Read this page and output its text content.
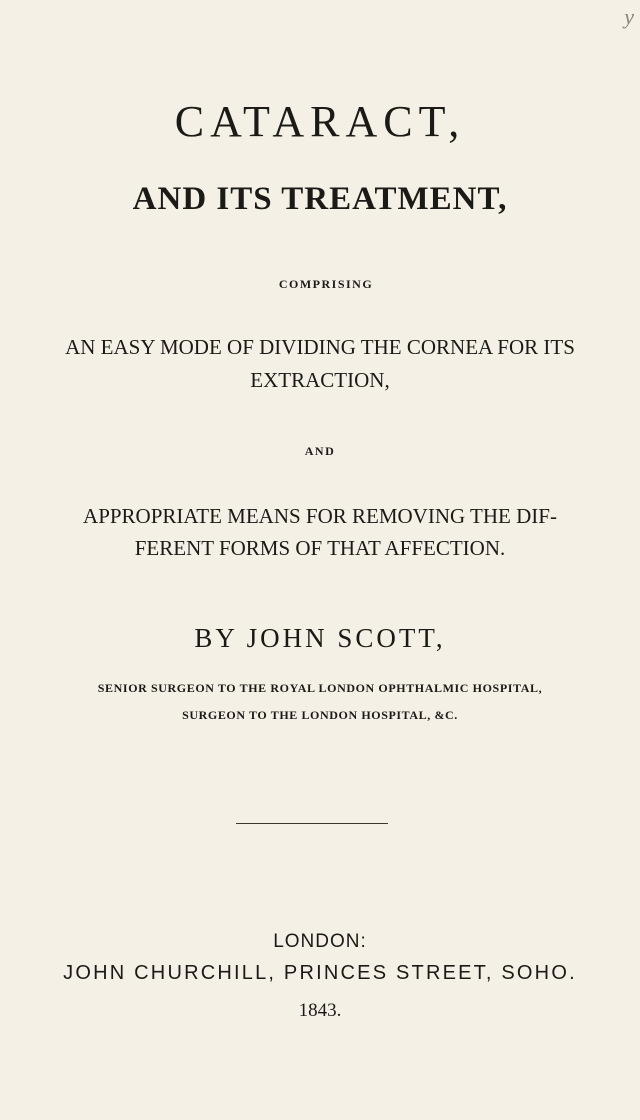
y
CATARACT,
AND ITS TREATMENT,
COMPRISING
AN EASY MODE OF DIVIDING THE CORNEA FOR ITS
EXTRACTION,
AND
APPROPRIATE MEANS FOR REMOVING THE DIF-
FERENT FORMS OF THAT AFFECTION.
BY JOHN SCOTT,
SENIOR SURGEON TO THE ROYAL LONDON OPHTHALMIC HOSPITAL,
SURGEON TO THE LONDON HOSPITAL, &C.
LONDON:
JOHN CHURCHILL, PRINCES STREET, SOHO.
1843.
